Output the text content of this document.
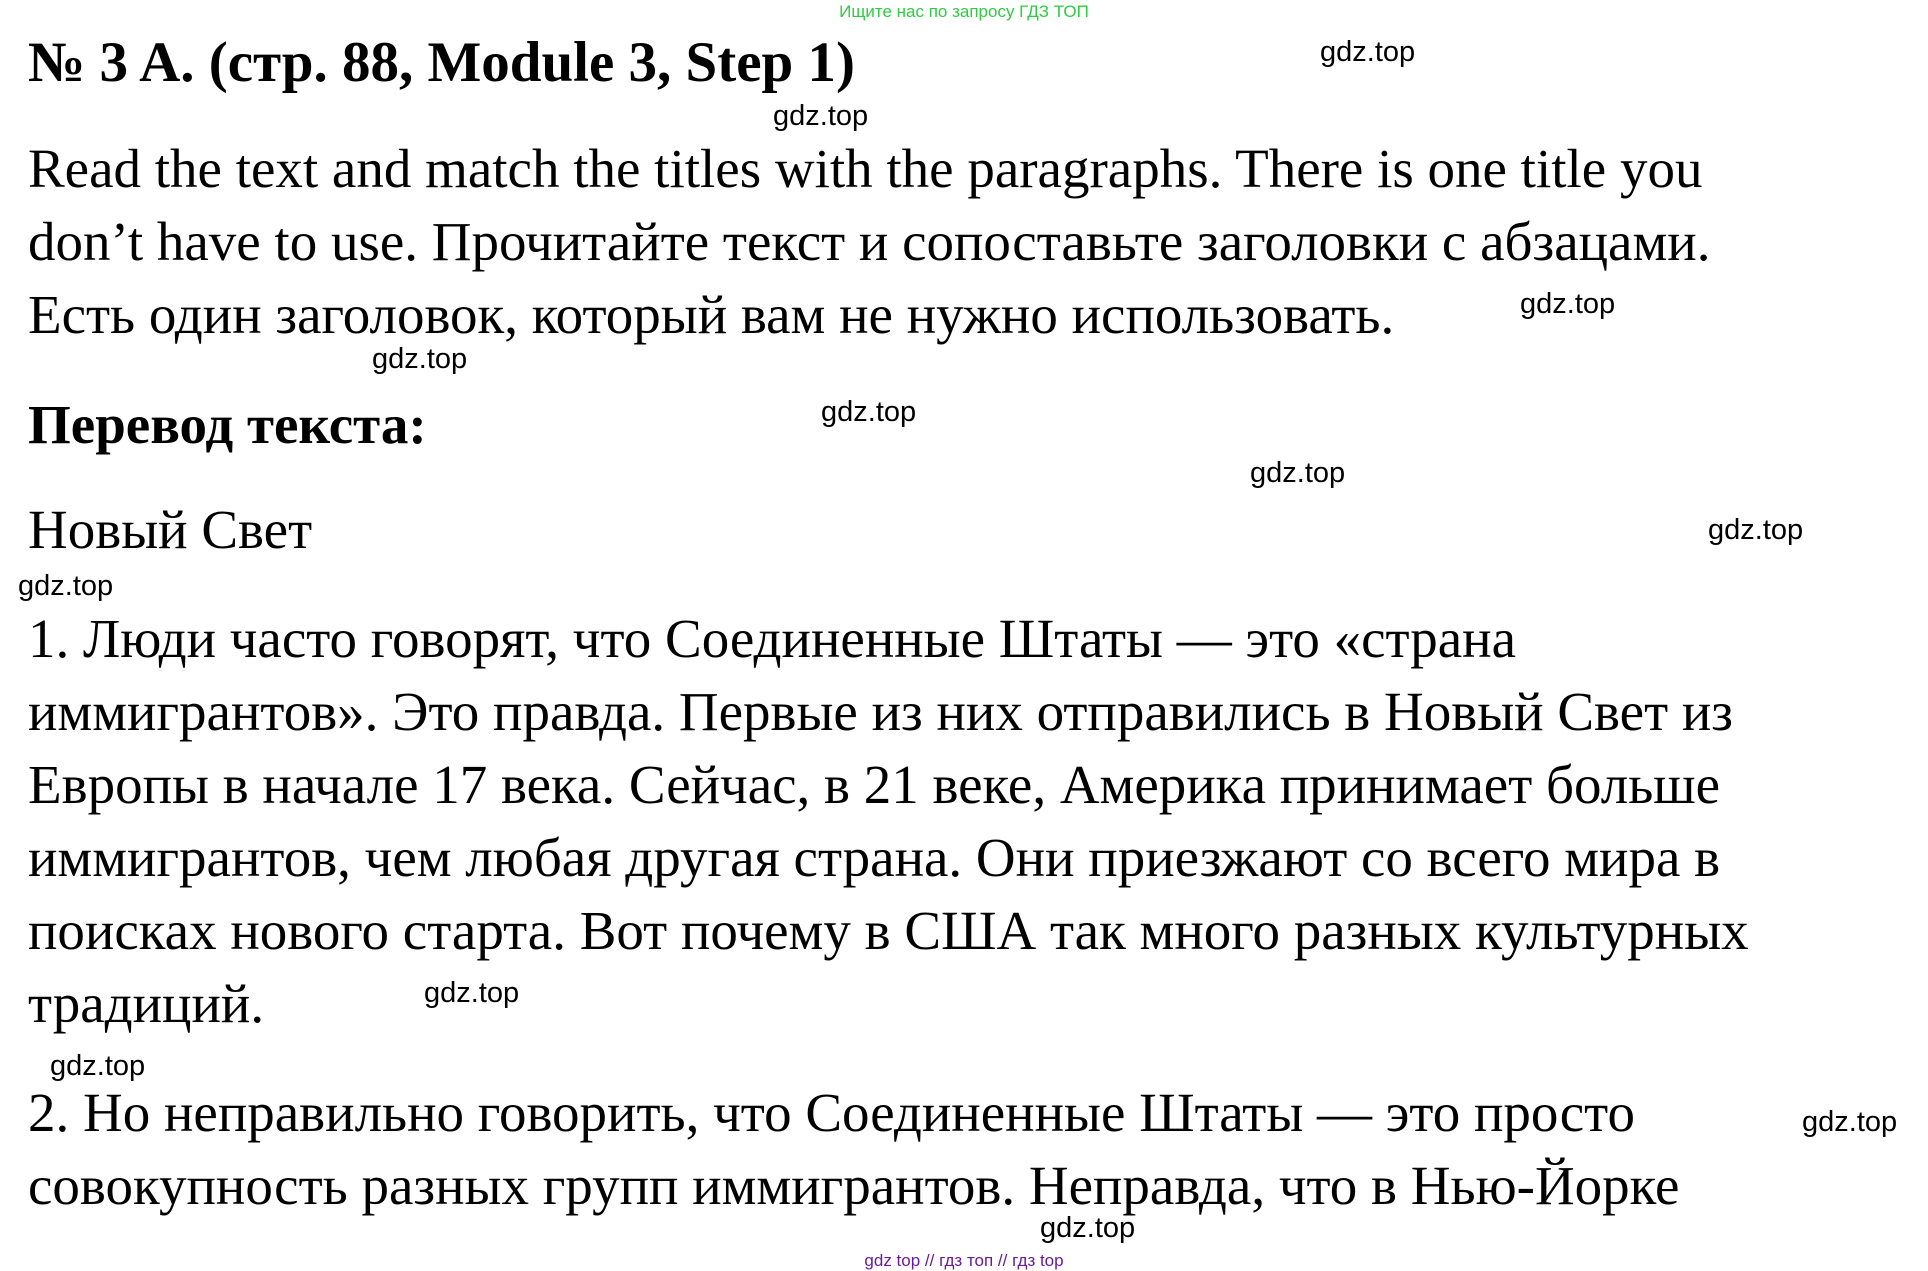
Ищите нас по запросу ГДЗ ТОП
№ 3 A. (стр. 88, Module 3, Step 1)
Read the text and match the titles with the paragraphs. There is one title you
don’t have to use. Прочитайте текст и сопоставьте заголовки с абзацами.
Есть один заголовок, который вам не нужно использовать.
Перевод текста:
Новый Свет
1. Люди часто говорят, что Соединенные Штаты — это «страна
иммигрантов». Это правда. Первые из них отправились в Новый Свет из
Европы в начале 17 века. Сейчас, в 21 веке, Америка принимает больше
иммигрантов, чем любая другая страна. Они приезжают со всего мира в
поисках нового старта. Вот почему в США так много разных культурных
традиций.
2. Но неправильно говорить, что Соединенные Штаты — это просто
совокупность разных групп иммигрантов. Неправда, что в Нью-Йорке
gdz.top
gdz.top
gdz.top
gdz.top
gdz.top
gdz.top
gdz.top
gdz.top
gdz.top
gdz.top
gdz.top
gdz.top
gdz top // гдз топ // гдз top
